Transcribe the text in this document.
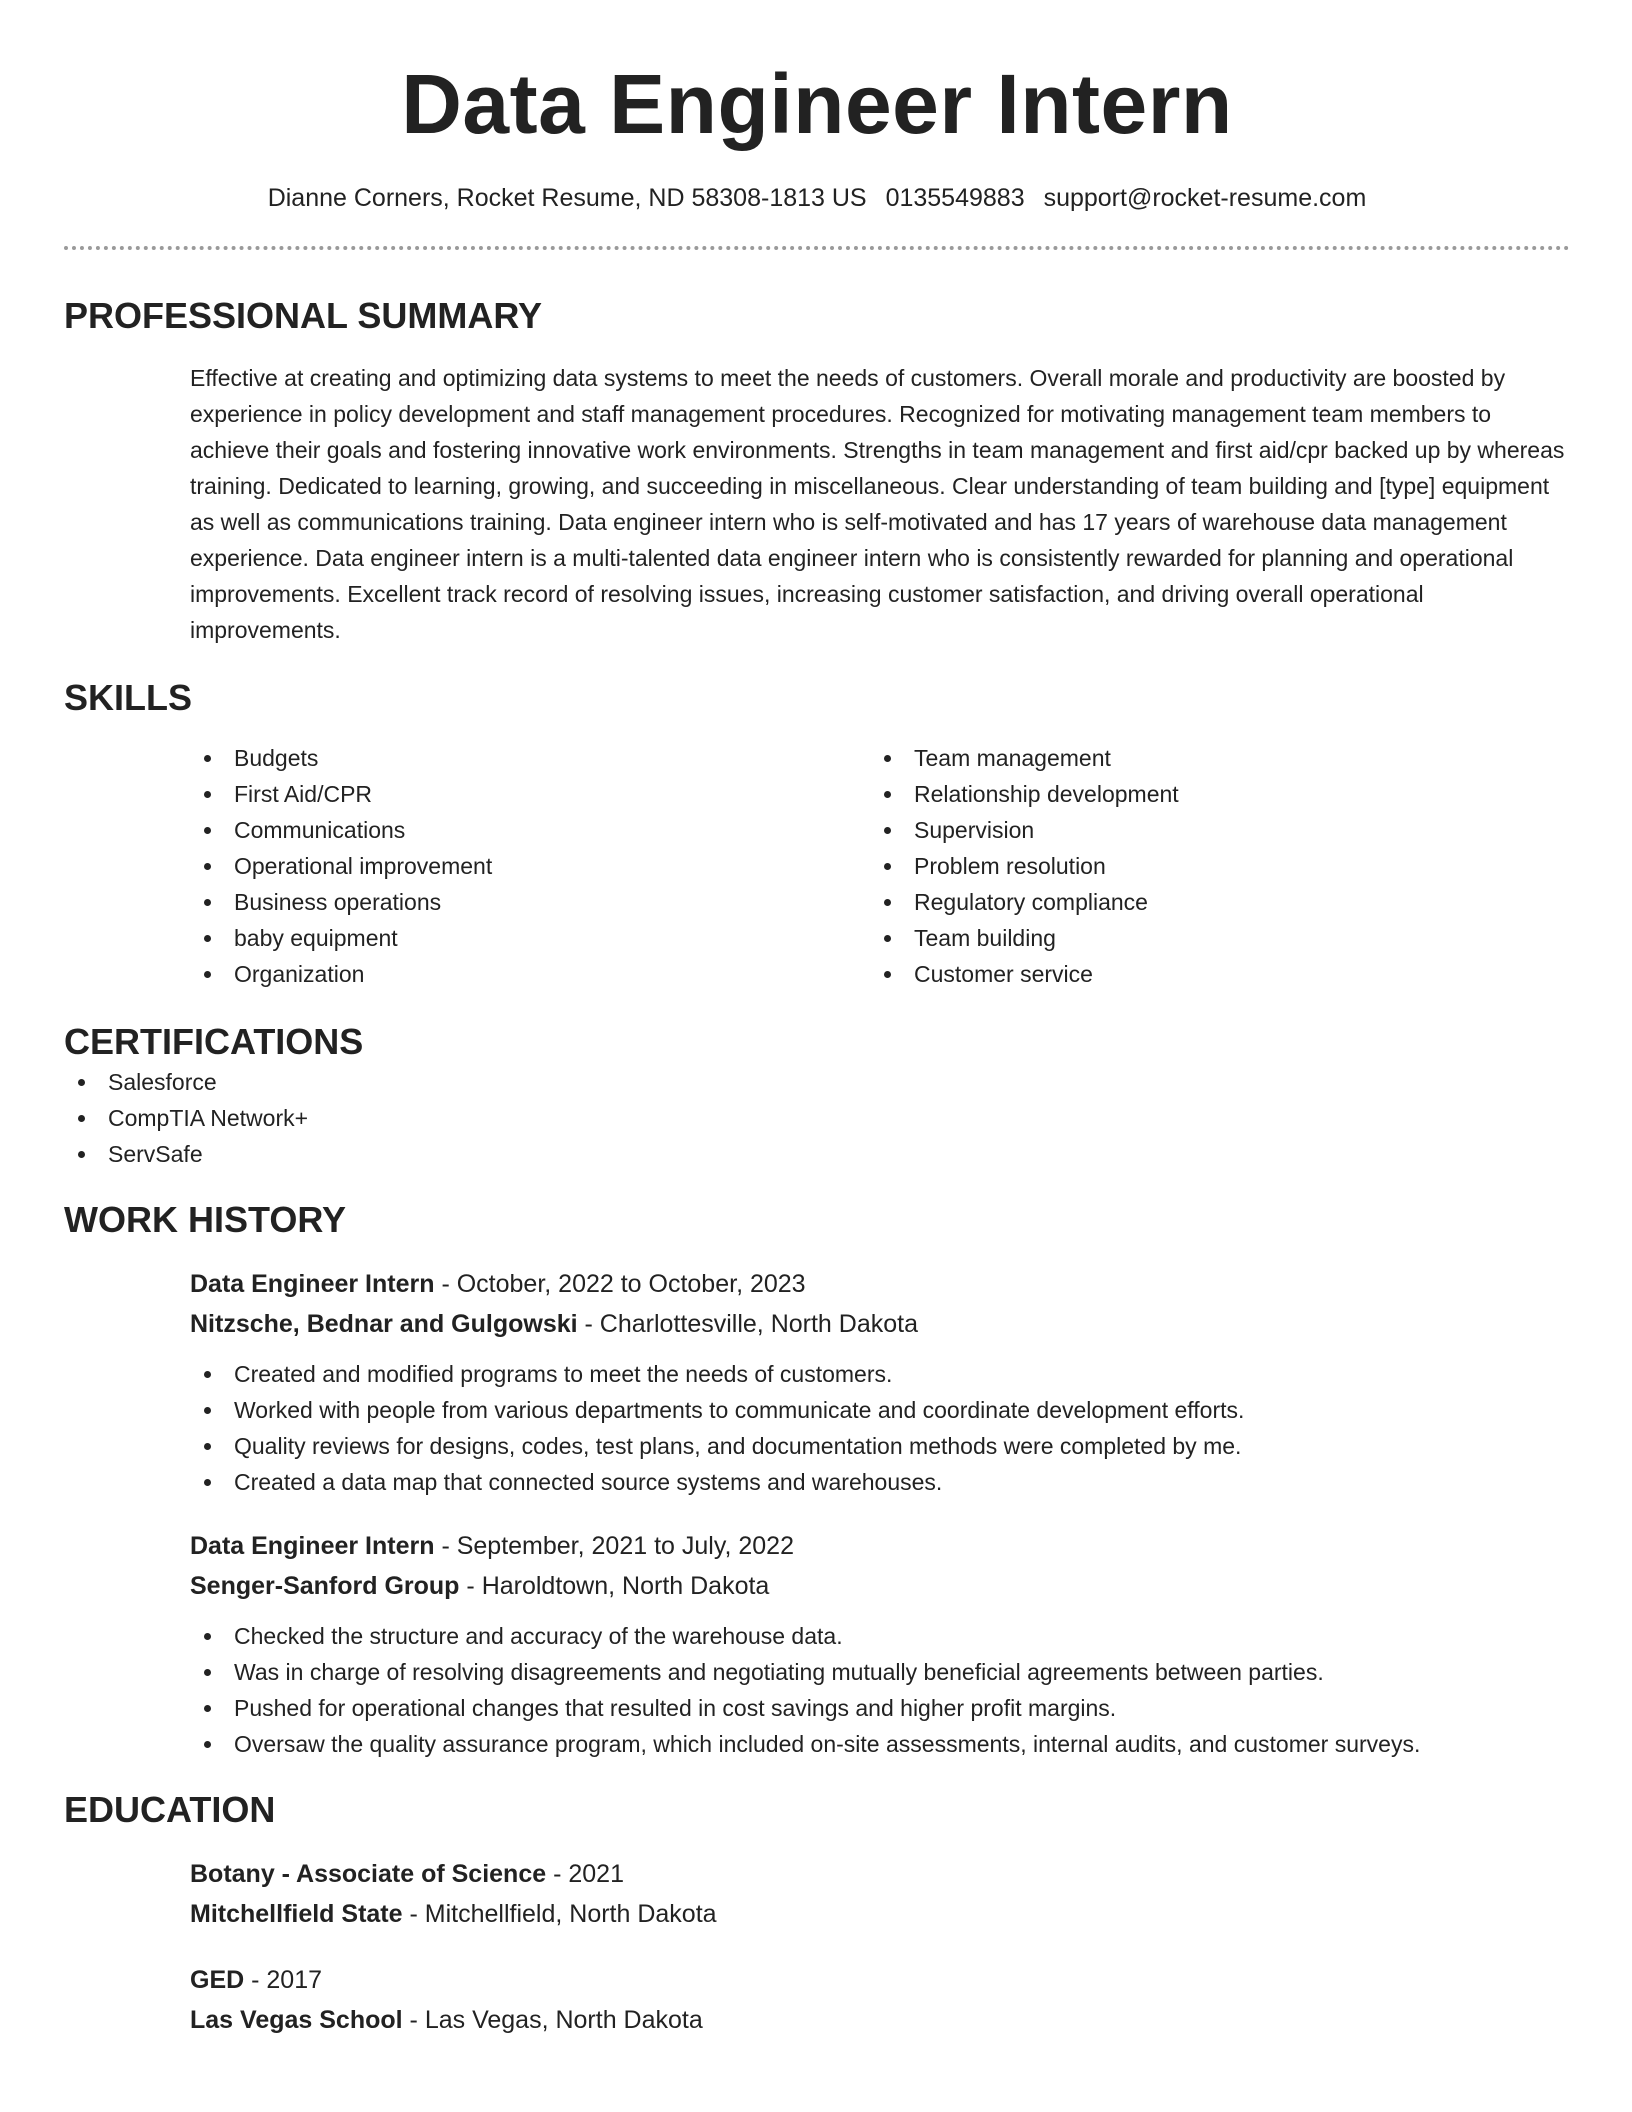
Data Engineer Intern
Dianne Corners, Rocket Resume, ND 58308-1813 US 0135549883 support@rocket-resume.com
PROFESSIONAL SUMMARY
Effective at creating and optimizing data systems to meet the needs of customers. Overall morale and productivity are boosted by experience in policy development and staff management procedures. Recognized for motivating management team members to achieve their goals and fostering innovative work environments. Strengths in team management and first aid/cpr backed up by whereas training. Dedicated to learning, growing, and succeeding in miscellaneous. Clear understanding of team building and [type] equipment as well as communications training. Data engineer intern who is self-motivated and has 17 years of warehouse data management experience. Data engineer intern is a multi-talented data engineer intern who is consistently rewarded for planning and operational improvements. Excellent track record of resolving issues, increasing customer satisfaction, and driving overall operational improvements.
SKILLS
Budgets
First Aid/CPR
Communications
Operational improvement
Business operations
baby equipment
Organization
Team management
Relationship development
Supervision
Problem resolution
Regulatory compliance
Team building
Customer service
CERTIFICATIONS
Salesforce
CompTIA Network+
ServSafe
WORK HISTORY
Data Engineer Intern - October, 2022 to October, 2023
Nitzsche, Bednar and Gulgowski - Charlottesville, North Dakota
Created and modified programs to meet the needs of customers.
Worked with people from various departments to communicate and coordinate development efforts.
Quality reviews for designs, codes, test plans, and documentation methods were completed by me.
Created a data map that connected source systems and warehouses.
Data Engineer Intern - September, 2021 to July, 2022
Senger-Sanford Group - Haroldtown, North Dakota
Checked the structure and accuracy of the warehouse data.
Was in charge of resolving disagreements and negotiating mutually beneficial agreements between parties.
Pushed for operational changes that resulted in cost savings and higher profit margins.
Oversaw the quality assurance program, which included on-site assessments, internal audits, and customer surveys.
EDUCATION
Botany - Associate of Science - 2021
Mitchellfield State - Mitchellfield, North Dakota
GED - 2017
Las Vegas School - Las Vegas, North Dakota
